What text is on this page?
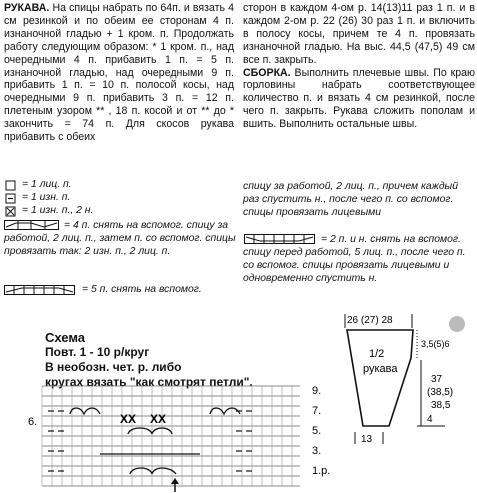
РУКАВА. На спицы набрать по 64п. и вязать 4 см резинкой и по обеим ее сторонам 4 п. изнаночной гладью + 1 кром. п. Продолжать работу следующим образом: * 1 кром. п., над очередными 4 п. прибавить 1 п. = 5 п. изнаночной гладью, над очередными 9 п. прибавить 1 п. = 10 п. полосой косы, над очередными 9 п. прибавить 3 п. = 12 п. плетеным узором ** , 18 п. косой и от ** до * закончить = 74 п. Для скосов рукава прибавить с обеих

сторон в каждом 4-ом р. 14(13)11 раз 1 п. и в каждом 2-ом р. 22 (26) 30 раз 1 п. и включить в полосу косы, причем те 4 п. провязать изнаночной гладью. На выс. 44,5 (47,5) 49 см все п. закрыть.

СБОРКА. Выполнить плечевые швы. По краю горловины набрать соответствующее количество п. и вязать 4 см резинкой, после чего п. закрыть. Рукава сложить пополам и вшить. Выполнить остальные швы.

= 1 лиц. п.
= 1 изн. п.
= 1 изн. п., 2 н.
= 4 п. снять на вспомог. спицу за работой, 2 лиц. п., затем п. со вспомог. спицы провязать так: 2 изн. п., 2 лиц. п.
= 5 п. снять на вспомог.
спицу за работой, 2 лиц. п., причем каждый раз спустить н., после чего п. со вспомог. спицы провязать лицевыми
= 2 п. и н. снять на вспомог. спицу перед работой, 5 лиц. п., после чего п. со вспомог. спицы провязать лицевыми и одновременно спустить н.
Схема
Повт. 1 - 10 р/круг
В необозн. чет. р. либо
кругах вязать "как смотрят петли".
XX XX
6.
9.
7.
5.
3.
1.р.
26 (27) 28
1/2
рукава
3,5(5)6
37
(38,5)
38,5
4
13
